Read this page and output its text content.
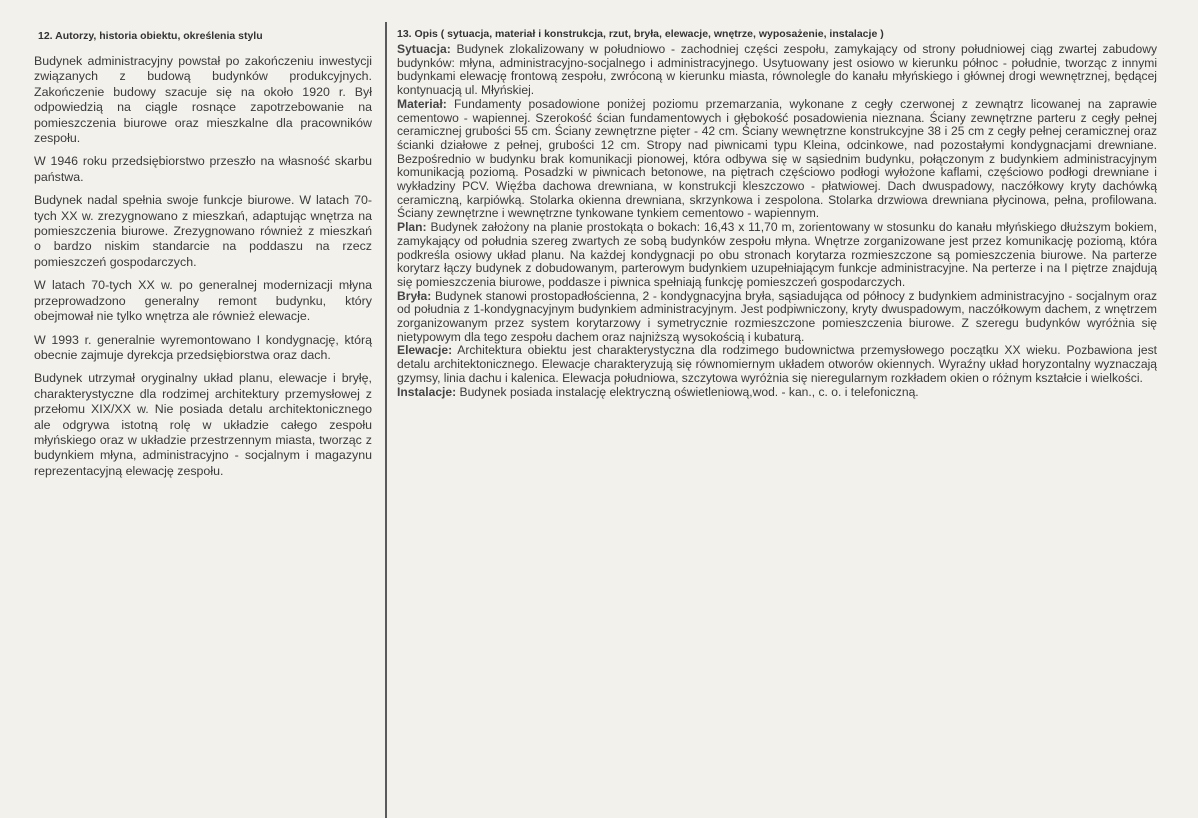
12. Autorzy, historia obiektu, określenia stylu

Budynek administracyjny powstał po zakończeniu inwestycji związanych z budową budynków produkcyjnych. Zakończenie budowy szacuje się na około 1920 r. Był odpowiedzią na ciągle rosnące zapotrzebowanie na pomieszczenia biurowe oraz mieszkalne dla pracowników zespołu.

W 1946 roku przedsiębiorstwo przeszło na własność skarbu państwa.

Budynek nadal spełnia swoje funkcje biurowe. W latach 70-tych XX w. zrezygnowano z mieszkań, adaptując wnętrza na pomieszczenia biurowe. Zrezygnowano również z mieszkań o bardzo niskim standarcie na poddaszu na rzecz pomieszczeń gospodarczych.

W latach 70-tych XX w. po generalnej modernizacji młyna przeprowadzono generalny remont budynku, który obejmował nie tylko wnętrza ale również elewacje.

W 1993 r. generalnie wyremontowano I kondygnację, którą obecnie zajmuje dyrekcja przedsiębiorstwa oraz dach.

Budynek utrzymał oryginalny układ planu, elewacje i bryłę, charakterystyczne dla rodzimej architektury przemysłowej z przełomu XIX/XX w. Nie posiada detalu architektonicznego ale odgrywa istotną rolę w układzie całego zespołu młyńskiego oraz w układzie przestrzennym miasta, tworząc z budynkiem młyna, administracyjno - socjalnym i magazynu reprezentacyjną elewację zespołu.

13. Opis ( sytuacja, materiał i konstrukcja, rzut, bryła, elewacje, wnętrze, wyposażenie, instalacje )

Sytuacja: Budynek zlokalizowany w południowo - zachodniej części zespołu, zamykający od strony południowej ciąg zwartej zabudowy budynków: młyna, administracyjno-socjalnego i administracyjnego. Usytuowany jest osiowo w kierunku północ - południe, tworząc z innymi budynkami elewację frontową zespołu, zwróconą w kierunku miasta, równolegle do kanału młyńskiego i głównej drogi wewnętrznej, będącej kontynuacją ul. Młyńskiej.

Materiał: Fundamenty posadowione poniżej poziomu przemarzania, wykonane z cegły czerwonej z zewnątrz licowanej na zaprawie cementowo - wapiennej. Szerokość ścian fundamentowych i głębokość posadowienia nieznana. Ściany zewnętrzne parteru z cegły pełnej ceramicznej grubości 55 cm. Ściany zewnętrzne pięter - 42 cm. Ściany wewnętrzne konstrukcyjne 38 i 25 cm z cegły pełnej ceramicznej oraz ścianki działowe z pełnej, grubości 12 cm. Stropy nad piwnicami typu Kleina, odcinkowe, nad pozostałymi kondygnacjami drewniane. Bezpośrednio w budynku brak komunikacji pionowej, która odbywa się w sąsiednim budynku, połączonym z budynkiem administracyjnym komunikacją poziomą. Posadzki w piwnicach betonowe, na piętrach częściowo podłogi wyłożone kaflami, częściowo podłogi drewniane i wykładziny PCV. Więźba dachowa drewniana, w konstrukcji kleszczowo - płatwiowej. Dach dwuspadowy, naczółkowy kryty dachówką ceramiczną, karpiówką. Stolarka okienna drewniana, skrzynkowa i zespolona. Stolarka drzwiowa drewniana płycinowa, pełna, profilowana. Ściany zewnętrzne i wewnętrzne tynkowane tynkiem cementowo - wapiennym.

Plan: Budynek założony na planie prostokąta o bokach: 16,43 x 11,70 m, zorientowany w stosunku do kanału młyńskiego dłuższym bokiem, zamykający od południa szereg zwartych ze sobą budynków zespołu młyna. Wnętrze zorganizowane jest przez komunikację poziomą, która podkreśla osiowy układ planu. Na każdej kondygnacji po obu stronach korytarza rozmieszczone są pomieszczenia biurowe. Na parterze korytarz łączy budynek z dobudowanym, parterowym budynkiem uzupełniającym funkcje administracyjne. Na perterze i na I piętrze znajdują się pomieszczenia biurowe, poddasze i piwnica spełniają funkcję pomieszczeń gospodarczych.

Bryła: Budynek stanowi prostopadłościenna, 2 - kondygnacyjna bryła, sąsiadująca od północy z budynkiem administracyjno - socjalnym oraz od południa z 1-kondygnacyjnym budynkiem administracyjnym. Jest podpiwniczony, kryty dwuspadowym, naczółkowym dachem, z wnętrzem zorganizowanym przez system korytarzowy i symetrycznie rozmieszczone pomieszczenia biurowe. Z szeregu budynków wyróżnia się nietypowym dla tego zespołu dachem oraz najniższą wysokością i kubaturą.

Elewacje: Architektura obiektu jest charakterystyczna dla rodzimego budownictwa przemysłowego początku XX wieku. Pozbawiona jest detalu architektonicznego. Elewacje charakteryzują się równomiernym układem otworów okiennych. Wyraźny układ horyzontalny wyznaczają gzymsy, linia dachu i kalenica. Elewacja południowa, szczytowa wyróżnia się nieregularnym rozkładem okien o różnym kształcie i wielkości.

Instalacje: Budynek posiada instalację elektryczną oświetleniową,wod. - kan., c. o. i telefoniczną.
